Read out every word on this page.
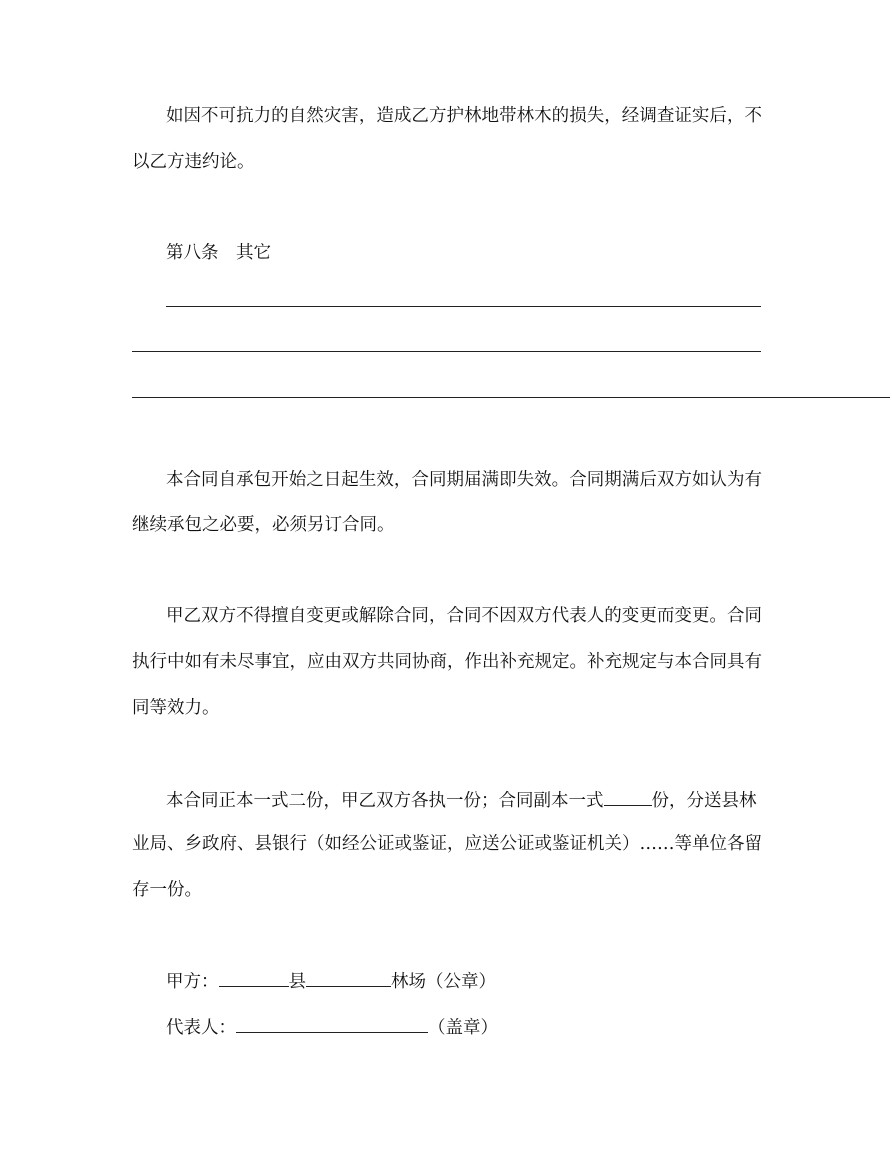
如因不可抗力的自然灾害，造成乙方护林地带林木的损失，经调查证实后，不
以乙方违约论。
第八条　其它
本合同自承包开始之日起生效，合同期届满即失效。合同期满后双方如认为有
继续承包之必要，必须另订合同。
甲乙双方不得擅自变更或解除合同，合同不因双方代表人的变更而变更。合同
执行中如有未尽事宜，应由双方共同协商，作出补充规定。补充规定与本合同具有
同等效力。
本合同正本一式二份，甲乙双方各执一份；合同副本一式	份，分送县林
业局、乡政府、县银行（如经公证或鉴证，应送公证或鉴证机关）……等单位各留
存一份。
甲方：	县	林场（公章）
代表人：	（盖章）
